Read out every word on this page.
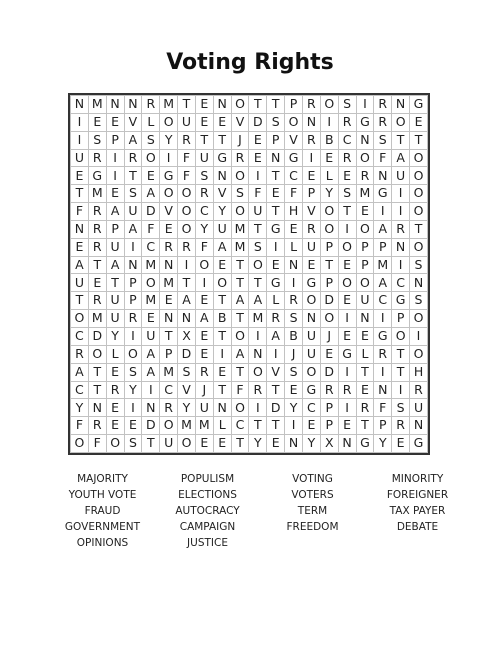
Voting Rights
N	M	N	N	R	M	T	E	N	O	T	T	P	R	O	S	I	R	N	G
I	E	E	V	L	O	U	E	E	V	D	S	O	N	I	R	G	R	O	E
I	S	P	A	S	Y	R	T	T	J	E	P	V	R	B	C	N	S	T	T
U	R	I	R	O	I	F	U	G	R	E	N	G	I	E	R	O	F	A	O
E	G	I	T	E	G	F	S	N	O	I	T	C	E	L	E	R	N	U	O
T	M	E	S	A	O	O	R	V	S	F	E	F	P	Y	S	M	G	I	O
F	R	A	U	D	V	O	C	Y	O	U	T	H	V	O	T	E	I	I	O
N	R	P	A	F	E	O	Y	U	M	T	G	E	R	O	I	O	A	R	T
E	R	U	I	C	R	R	F	A	M	S	I	L	U	P	O	P	P	N	O
A	T	A	N	M	N	I	O	E	T	O	E	N	E	T	E	P	M	I	S
U	E	T	P	O	M	T	I	O	T	T	G	I	G	P	O	O	A	C	N
T	R	U	P	M	E	A	E	T	A	A	L	R	O	D	E	U	C	G	S
O	M	U	R	E	N	N	A	B	T	M	R	S	N	O	I	N	I	P	O
C	D	Y	I	U	T	X	E	T	O	I	A	B	U	J	E	E	G	O	I
R	O	L	O	A	P	D	E	I	A	N	I	J	U	E	G	L	R	T	O
A	T	E	S	A	M	S	R	E	T	O	V	S	O	D	I	T	I	T	H
C	T	R	Y	I	C	V	J	T	F	R	T	E	G	R	R	E	N	I	R
Y	N	E	I	N	R	Y	U	N	O	I	D	Y	C	P	I	R	F	S	U
F	R	E	E	D	O	M	M	L	C	T	T	I	E	P	E	T	P	R	N
O	F	O	S	T	U	O	E	E	T	Y	E	N	Y	X	N	G	Y	E	G
MAJORITY	POPULISM	VOTING	MINORITY
YOUTH VOTE	ELECTIONS	VOTERS	FOREIGNER
FRAUD	AUTOCRACY	TERM	TAX PAYER
GOVERNMENT	CAMPAIGN	FREEDOM	DEBATE
OPINIONS	JUSTICE
